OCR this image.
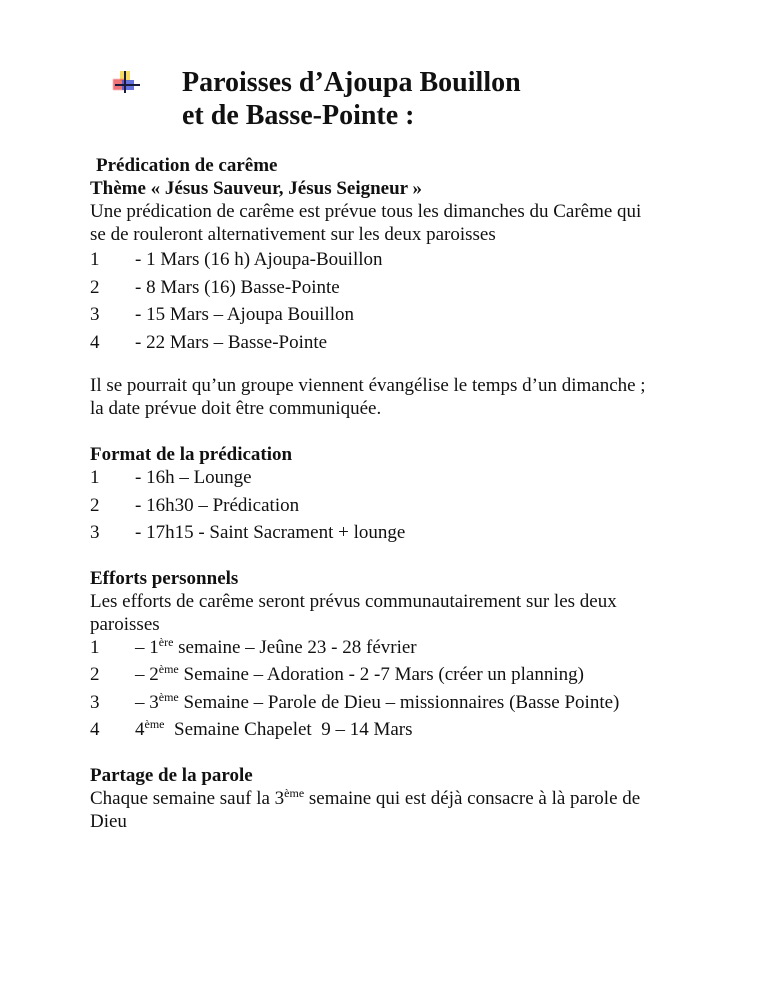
Paroisses d’Ajoupa Bouillon
et de Basse-Pointe :

Prédication de carême

Thème « Jésus Sauveur, Jésus Seigneur »

Une prédication de carême est prévue tous les dimanches du Carême qui

se de rouleront alternativement sur les deux paroisses

1	- 1 Mars (16 h) Ajoupa-Bouillon
2	- 8 Mars (16) Basse-Pointe
3	- 15 Mars – Ajoupa Bouillon
4	- 22 Mars – Basse-Pointe

Il se pourrait qu’un groupe viennent évangélise le temps d’un dimanche ;

la date prévue doit être communiquée.

Format de la prédication

1	- 16h – Lounge
2	- 16h30 – Prédication
3	- 17h15 - Saint Sacrament + lounge

Efforts personnels

Les efforts de carême seront prévus communautairement sur les deux

paroisses

1	– 1ère semaine – Jeûne 23 - 28 février
2	– 2ème Semaine – Adoration - 2 -7 Mars (créer un planning)
3	– 3ème Semaine – Parole de Dieu – missionnaires (Basse Pointe)
4	4ème  Semaine Chapelet  9 – 14 Mars

Partage de la parole

Chaque semaine sauf la 3ème semaine qui est déjà consacre à là parole de

Dieu
